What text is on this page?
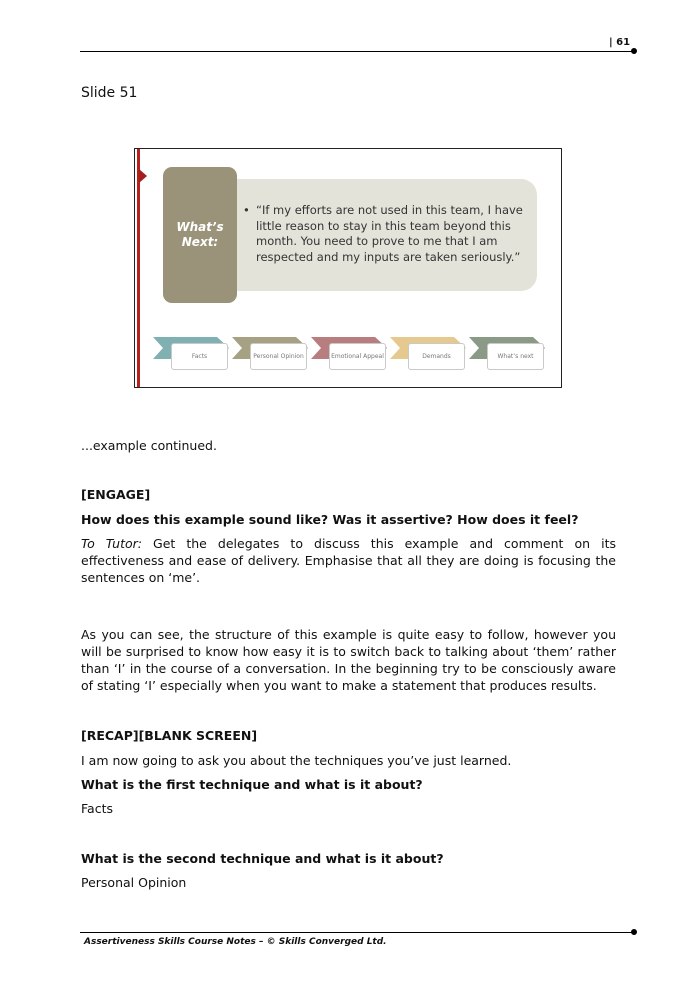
| 61
Slide 51
What’s
Next:
• “If my efforts are not used in this team, I have little reason to stay in this team beyond this month. You need to prove to me that I am respected and my inputs are taken seriously.”
Facts	Personal Opinion	Emotional Appeal	Demands	What’s next
...example continued.
[ENGAGE]
How does this example sound like? Was it assertive? How does it feel?
To Tutor: Get the delegates to discuss this example and comment on its effectiveness and ease of delivery. Emphasise that all they are doing is focusing the sentences on ‘me’.
As you can see, the structure of this example is quite easy to follow, however you will be surprised to know how easy it is to switch back to talking about ‘them’ rather than ‘I’ in the course of a conversation. In the beginning try to be consciously aware of stating ‘I’ especially when you want to make a statement that produces results.
[RECAP][BLANK SCREEN]
I am now going to ask you about the techniques you’ve just learned.
What is the first technique and what is it about?
Facts
What is the second technique and what is it about?
Personal Opinion
Assertiveness Skills Course Notes – © Skills Converged Ltd.
